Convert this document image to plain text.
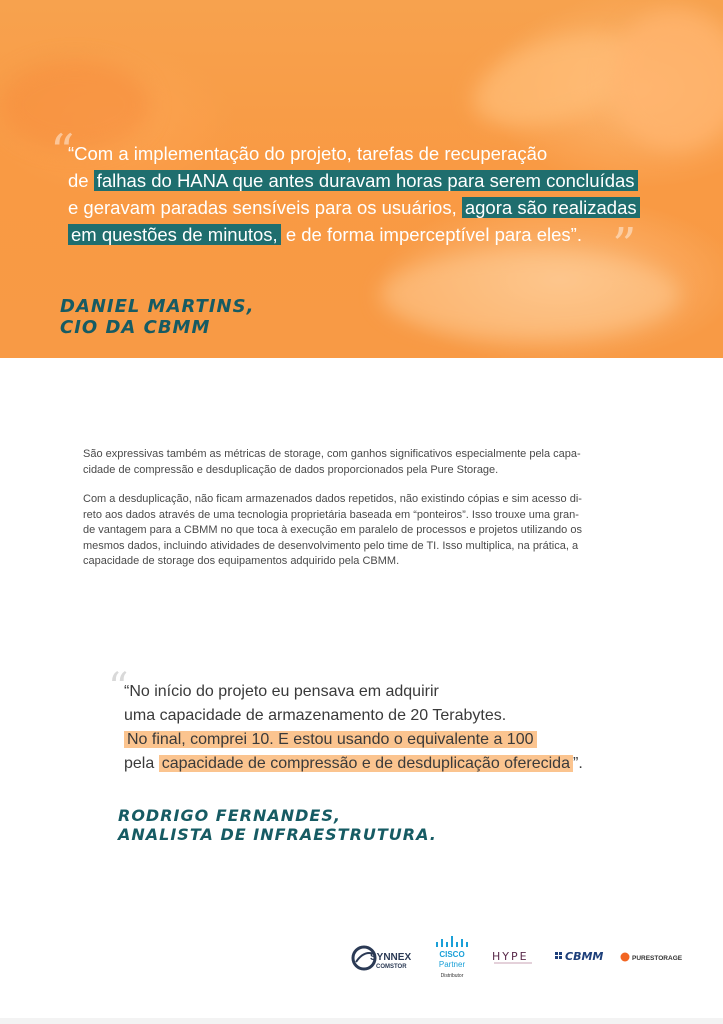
“
”
“Com a implementação do projeto, tarefas de recuperação
de falhas do HANA que antes duravam horas para serem concluídas
e geravam paradas sensíveis para os usuários, agora são realizadas
em questões de minutos, e de forma imperceptível para eles”.
DANIEL MARTINS,
CIO DA CBMM
São expressivas também as métricas de storage, com ganhos significativos especialmente pela capa-
cidade de compressão e desduplicação de dados proporcionados pela Pure Storage.
Com a desduplicação, não ficam armazenados dados repetidos, não existindo cópias e sim acesso di-
reto aos dados através de uma tecnologia proprietária baseada em “ponteiros”. Isso trouxe uma gran-
de vantagem para a CBMM no que toca à execução em paralelo de processos e projetos utilizando os
mesmos dados, incluindo atividades de desenvolvimento pelo time de TI. Isso multiplica, na prática, a
capacidade de storage dos equipamentos adquirido pela CBMM.
“
“No início do projeto eu pensava em adquirir
uma capacidade de armazenamento de 20 Terabytes.
No final, comprei 10. E estou usando o equivalente a 100
pela capacidade de compressão e de desduplicação oferecida ”.
RODRIGO FERNANDES,
ANALISTA DE INFRAESTRUTURA.
SYNNEX
COMSTOR
CISCO
Partner
Distributor
HYPE	CBMM	PURESTORAGE
